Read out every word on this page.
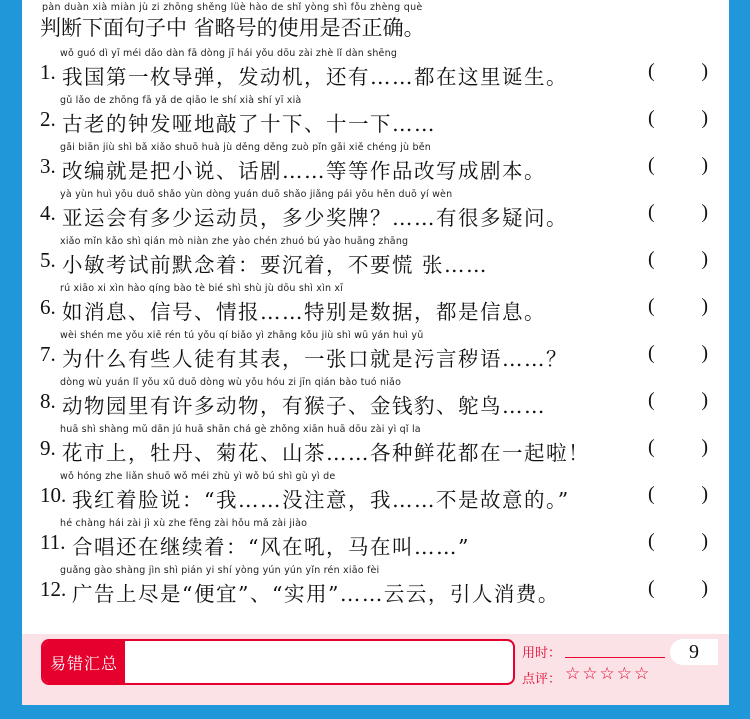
pàn duàn xià miàn jù zi zhōng shěng lüè hào de shǐ yòng shì fǒu zhèng què
判断下面句子中 省略号的使用是否正确。
wǒ guó dì yī méi dǎo dàn fā dòng jī hái yǒu dōu zài zhè lǐ dàn shēng
1. 我国第一枚导弹，发动机，还有……都在这里诞生。	( )
gǔ lǎo de zhōng fā yǎ de qiāo le shí xià shí yī xià
2. 古老的钟发哑地敲了十下、十一下……	( )
gǎi biān jiù shì bǎ xiǎo shuō huà jù děng děng zuò pǐn gǎi xiě chéng jù běn
3. 改编就是把小说、话剧……等等作品改写成剧本。	( )
yà yùn huì yǒu duō shǎo yùn dòng yuán duō shǎo jiǎng pái yǒu hěn duō yí wèn
4. 亚运会有多少运动员，多少奖牌？……有很多疑问。	( )
xiǎo mǐn kǎo shì qián mò niàn zhe yào chén zhuó bú yào huāng zhāng
5. 小敏考试前默念着：要沉着，不要慌 张……	( )
rú xiāo xi xìn hào qíng bào tè bié shì shù jù dōu shì xìn xī
6. 如消息、信号、情报……特别是数据，都是信息。	( )
wèi shén me yǒu xiē rén tú yǒu qí biǎo yì zhāng kǒu jiù shì wū yán huì yǔ
7. 为什么有些人徒有其表，一张口就是污言秽语……？	( )
dòng wù yuán lǐ yǒu xǔ duō dòng wù yǒu hóu zi jīn qián bào tuó niǎo
8. 动物园里有许多动物，有猴子、金钱豹、鸵鸟……	( )
huā shì shàng mǔ dān jú huā shān chá gè zhǒng xiān huā dōu zài yì qǐ la
9. 花市上，牡丹、菊花、山茶……各种鲜花都在一起啦！	( )
wǒ hóng zhe liǎn shuō wǒ méi zhù yì wǒ bú shì gù yì de
10. 我红着脸说：“我……没注意，我……不是故意的。”	( )
hé chàng hái zài jì xù zhe fēng zài hǒu mǎ zài jiào
11. 合唱还在继续着：“风在吼，马在叫……”	( )
guǎng gào shàng jìn shì pián yi shí yòng yún yún yǐn rén xiāo fèi
12. 广告上尽是“便宜”、“实用”……云云，引人消费。	( )
易错汇总	用时：
点评： ☆☆☆☆☆
9
